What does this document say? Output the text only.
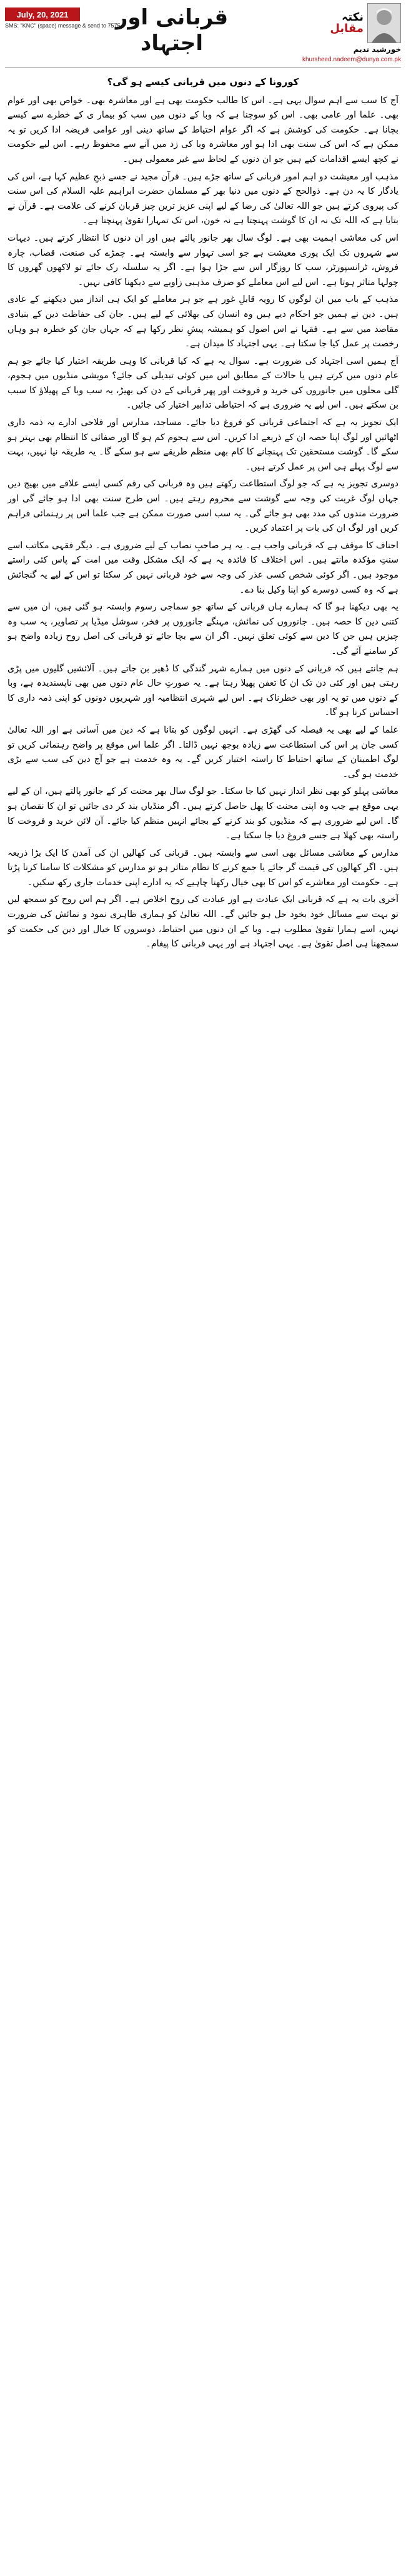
July, 20, 2021
SMS: "KNC" (space) message & send to 7575
قربانی اور اجتہاد
نکتہ
مقابل
خورشید ندیم
khursheed.nadeem@dunya.com.pk

کورونا کے دنوں میں قربانی کیسے ہو گی؟

آج کا سب سے اہم سوال یہی ہے۔ اس کا طالب حکومت بھی ہے اور معاشرہ بھی۔ خواص بھی اور عوام بھی۔ علما اور عامی بھی۔ اس کو سوچنا ہے کہ وبا کے دنوں میں سب کو بیمار ی کے خطرے سے کیسے بچانا ہے۔ حکومت کی کوشش ہے کہ اگر عوام احتیاط کے ساتھ دینی اور عوامی فریضہ ادا کریں تو یہ ممکن ہے کہ اس کی سنت بھی ادا ہو اور معاشرہ وبا کی زد میں آنے سے محفوظ رہے۔ اس لیے حکومت نے کچھ ایسے اقدامات کیے ہیں جو ان دنوں کے لحاظ سے غیر معمولی ہیں۔

مذہب اور معیشت دو اہم امور قربانی کے ساتھ جڑے ہیں۔ قرآن مجید نے جسے ذبحِ عظیم کہا ہے، اس کی یادگار کا یہ دن ہے۔ ذوالحج کے دنوں میں دنیا بھر کے مسلمان حضرت ابراہیم علیہ السلام کی اس سنت کی پیروی کرتے ہیں جو اللہ تعالیٰ کی رضا کے لیے اپنی عزیز ترین چیز قربان کرنے کی علامت ہے۔ قرآن نے بتایا ہے کہ اللہ تک نہ ان کا گوشت پہنچتا ہے نہ خون، اس تک تمہارا تقویٰ پہنچتا ہے۔

اس کی معاشی اہمیت بھی ہے۔ لوگ سال بھر جانور پالتے ہیں اور ان دنوں کا انتظار کرتے ہیں۔ دیہات سے شہروں تک ایک پوری معیشت ہے جو اسی تہوار سے وابستہ ہے۔ چمڑے کی صنعت، قصاب، چارہ فروش، ٹرانسپورٹر، سب کا روزگار اس سے جڑا ہوا ہے۔ اگر یہ سلسلہ رک جائے تو لاکھوں گھروں کا چولہا متاثر ہوتا ہے۔ اس لیے اس معاملے کو صرف مذہبی زاویے سے دیکھنا کافی نہیں۔

مذہب کے باب میں ان لوگوں کا رویہ قابلِ غور ہے جو ہر معاملے کو ایک ہی انداز میں دیکھنے کے عادی ہیں۔ دین نے ہمیں جو احکام دیے ہیں وہ انسان کی بھلائی کے لیے ہیں۔ جان کی حفاظت دین کے بنیادی مقاصد میں سے ہے۔ فقہا نے اس اصول کو ہمیشہ پیشِ نظر رکھا ہے کہ جہاں جان کو خطرہ ہو وہاں رخصت پر عمل کیا جا سکتا ہے۔ یہی اجتہاد کا میدان ہے۔

آج ہمیں اسی اجتہاد کی ضرورت ہے۔ سوال یہ ہے کہ کیا قربانی کا وہی طریقہ اختیار کیا جائے جو ہم عام دنوں میں کرتے ہیں یا حالات کے مطابق اس میں کوئی تبدیلی کی جائے؟ مویشی منڈیوں میں ہجوم، گلی محلوں میں جانوروں کی خرید و فروخت اور پھر قربانی کے دن کی بھیڑ، یہ سب وبا کے پھیلاؤ کا سبب بن سکتے ہیں۔ اس لیے یہ ضروری ہے کہ احتیاطی تدابیر اختیار کی جائیں۔

ایک تجویز یہ ہے کہ اجتماعی قربانی کو فروغ دیا جائے۔ مساجد، مدارس اور فلاحی ادارے یہ ذمہ داری اٹھائیں اور لوگ اپنا حصہ ان کے ذریعے ادا کریں۔ اس سے ہجوم کم ہو گا اور صفائی کا انتظام بھی بہتر ہو سکے گا۔ گوشت مستحقین تک پہنچانے کا کام بھی منظم طریقے سے ہو سکے گا۔ یہ طریقہ نیا نہیں، بہت سے لوگ پہلے ہی اس پر عمل کرتے ہیں۔

دوسری تجویز یہ ہے کہ جو لوگ استطاعت رکھتے ہیں وہ قربانی کی رقم کسی ایسے علاقے میں بھیج دیں جہاں لوگ غربت کی وجہ سے گوشت سے محروم رہتے ہیں۔ اس طرح سنت بھی ادا ہو جائے گی اور ضرورت مندوں کی مدد بھی ہو جائے گی۔ یہ سب اسی صورت ممکن ہے جب علما اس پر رہنمائی فراہم کریں اور لوگ ان کی بات پر اعتماد کریں۔

احناف کا موقف ہے کہ قربانی واجب ہے۔ یہ ہر صاحبِ نصاب کے لیے ضروری ہے۔ دیگر فقہی مکاتب اسے سنتِ مؤکدہ مانتے ہیں۔ اس اختلاف کا فائدہ یہ ہے کہ ایک مشکل وقت میں امت کے پاس کئی راستے موجود ہیں۔ اگر کوئی شخص کسی عذر کی وجہ سے خود قربانی نہیں کر سکتا تو اس کے لیے یہ گنجائش ہے کہ وہ کسی دوسرے کو اپنا وکیل بنا دے۔

یہ بھی دیکھنا ہو گا کہ ہمارے ہاں قربانی کے ساتھ جو سماجی رسوم وابستہ ہو گئی ہیں، ان میں سے کتنی دین کا حصہ ہیں۔ جانوروں کی نمائش، مہنگے جانوروں پر فخر، سوشل میڈیا پر تصاویر، یہ سب وہ چیزیں ہیں جن کا دین سے کوئی تعلق نہیں۔ اگر ان سے بچا جائے تو قربانی کی اصل روح زیادہ واضح ہو کر سامنے آئے گی۔

ہم جانتے ہیں کہ قربانی کے دنوں میں ہمارے شہر گندگی کا ڈھیر بن جاتے ہیں۔ آلائشیں گلیوں میں پڑی رہتی ہیں اور کئی دن تک ان کا تعفن پھیلا رہتا ہے۔ یہ صورتِ حال عام دنوں میں بھی ناپسندیدہ ہے، وبا کے دنوں میں تو یہ اور بھی خطرناک ہے۔ اس لیے شہری انتظامیہ اور شہریوں دونوں کو اپنی ذمہ داری کا احساس کرنا ہو گا۔

علما کے لیے بھی یہ فیصلہ کی گھڑی ہے۔ انہیں لوگوں کو بتانا ہے کہ دین میں آسانی ہے اور اللہ تعالیٰ کسی جان پر اس کی استطاعت سے زیادہ بوجھ نہیں ڈالتا۔ اگر علما اس موقع پر واضح رہنمائی کریں تو لوگ اطمینان کے ساتھ احتیاط کا راستہ اختیار کریں گے۔ یہ وہ خدمت ہے جو آج دین کی سب سے بڑی خدمت ہو گی۔

معاشی پہلو کو بھی نظر انداز نہیں کیا جا سکتا۔ جو لوگ سال بھر محنت کر کے جانور پالتے ہیں، ان کے لیے یہی موقع ہے جب وہ اپنی محنت کا پھل حاصل کرتے ہیں۔ اگر منڈیاں بند کر دی جائیں تو ان کا نقصان ہو گا۔ اس لیے ضروری ہے کہ منڈیوں کو بند کرنے کے بجائے انہیں منظم کیا جائے۔ آن لائن خرید و فروخت کا راستہ بھی کھلا ہے جسے فروغ دیا جا سکتا ہے۔

مدارس کے معاشی مسائل بھی اسی سے وابستہ ہیں۔ قربانی کی کھالیں ان کی آمدن کا ایک بڑا ذریعہ ہیں۔ اگر کھالوں کی قیمت گر جائے یا جمع کرنے کا نظام متاثر ہو تو مدارس کو مشکلات کا سامنا کرنا پڑتا ہے۔ حکومت اور معاشرے کو اس کا بھی خیال رکھنا چاہیے کہ یہ ادارے اپنی خدمات جاری رکھ سکیں۔

آخری بات یہ ہے کہ قربانی ایک عبادت ہے اور عبادت کی روح اخلاص ہے۔ اگر ہم اس روح کو سمجھ لیں تو بہت سے مسائل خود بخود حل ہو جائیں گے۔ اللہ تعالیٰ کو ہماری ظاہری نمود و نمائش کی ضرورت نہیں، اسے ہمارا تقویٰ مطلوب ہے۔ وبا کے ان دنوں میں احتیاط، دوسروں کا خیال اور دین کی حکمت کو سمجھنا ہی اصل تقویٰ ہے۔ یہی اجتہاد ہے اور یہی قربانی کا پیغام۔
